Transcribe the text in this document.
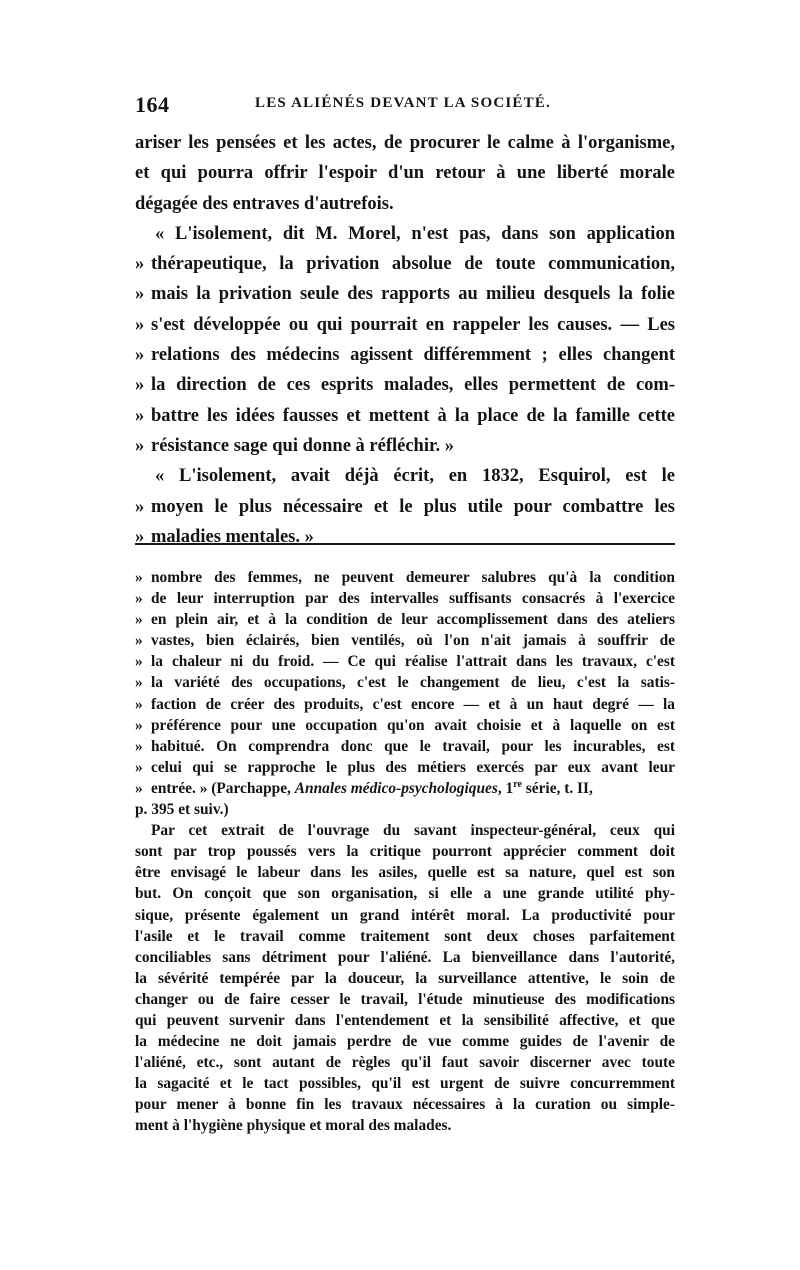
164	LES ALIÉNÉS DEVANT LA SOCIÉTÉ.
ariser les pensées et les actes, de procurer le calme à l'organisme,
et qui pourra offrir l'espoir d'un retour à une liberté morale
dégagée des entraves d'autrefois.
« L'isolement, dit M. Morel, n'est pas, dans son application
» thérapeutique, la privation absolue de toute communication,
» mais la privation seule des rapports au milieu desquels la folie
» s'est développée ou qui pourrait en rappeler les causes. — Les
» relations des médecins agissent différemment ; elles changent
» la direction de ces esprits malades, elles permettent de com-
» battre les idées fausses et mettent à la place de la famille cette
» résistance sage qui donne à réfléchir. »
« L'isolement, avait déjà écrit, en 1832, Esquirol, est le
» moyen le plus nécessaire et le plus utile pour combattre les
» maladies mentales. »
» nombre des femmes, ne peuvent demeurer salubres qu'à la condition
» de leur interruption par des intervalles suffisants consacrés à l'exercice
» en plein air, et à la condition de leur accomplissement dans des ateliers
» vastes, bien éclairés, bien ventilés, où l'on n'ait jamais à souffrir de
» la chaleur ni du froid. — Ce qui réalise l'attrait dans les travaux, c'est
» la variété des occupations, c'est le changement de lieu, c'est la satis-
» faction de créer des produits, c'est encore — et à un haut degré — la
» préférence pour une occupation qu'on avait choisie et à laquelle on est
» habitué. On comprendra donc que le travail, pour les incurables, est
» celui qui se rapproche le plus des métiers exercés par eux avant leur
» entrée. » (Parchappe, Annales médico-psychologiques, 1re série, t. II,
p. 395 et suiv.)
Par cet extrait de l'ouvrage du savant inspecteur-général, ceux qui
sont par trop poussés vers la critique pourront apprécier comment doit
être envisagé le labeur dans les asiles, quelle est sa nature, quel est son
but. On conçoit que son organisation, si elle a une grande utilité phy-
sique, présente également un grand intérêt moral. La productivité pour
l'asile et le travail comme traitement sont deux choses parfaitement
conciliables sans détriment pour l'aliéné. La bienveillance dans l'autorité,
la sévérité tempérée par la douceur, la surveillance attentive, le soin de
changer ou de faire cesser le travail, l'étude minutieuse des modifications
qui peuvent survenir dans l'entendement et la sensibilité affective, et que
la médecine ne doit jamais perdre de vue comme guides de l'avenir de
l'aliéné, etc., sont autant de règles qu'il faut savoir discerner avec toute
la sagacité et le tact possibles, qu'il est urgent de suivre concurremment
pour mener à bonne fin les travaux nécessaires à la curation ou simple-
ment à l'hygiène physique et moral des malades.
